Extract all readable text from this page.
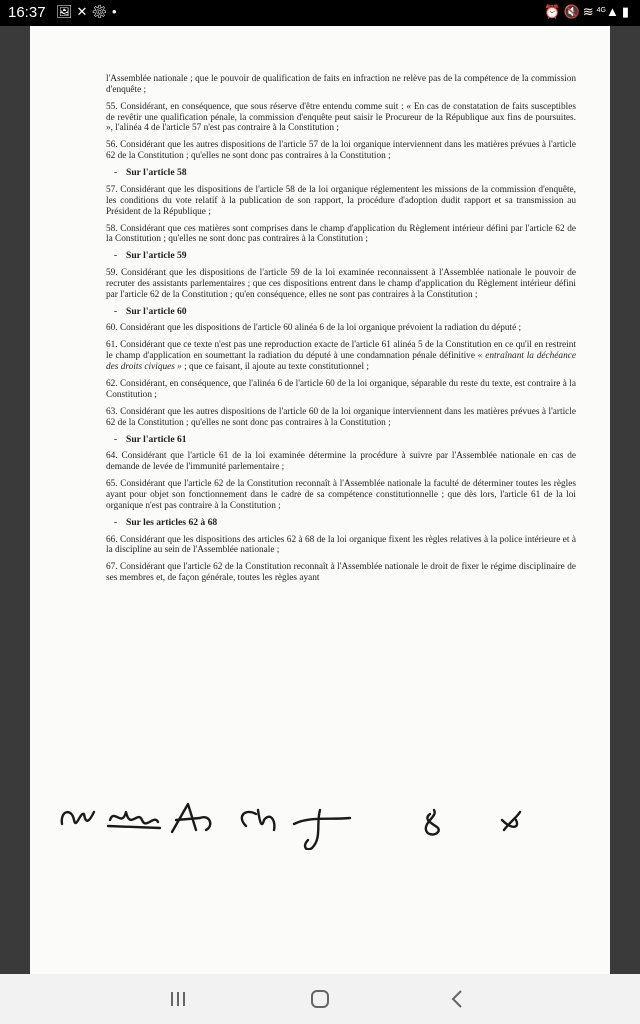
16:37 🖼✕⚙•	⏰🔇≋$^{4G}$▲▮

l'Assemblée nationale ; que le pouvoir de qualification de faits en infraction ne relève pas de la compétence de la commission d'enquête ;

55. Considérant, en conséquence, que sous réserve d'être entendu comme suit : « En cas de constatation de faits susceptibles de revêtir une qualification pénale, la commission d'enquête peut saisir le Procureur de la République aux fins de poursuites. », l'alinéa 4 de l'article 57 n'est pas contraire à la Constitution ;

56. Considérant que les autres dispositions de l'article 57 de la loi organique interviennent dans les matières prévues à l'article 62 de la Constitution ; qu'elles ne sont donc pas contraires à la Constitution ;

- Sur l'article 58

57. Considérant que les dispositions de l'article 58 de la loi organique réglementent les missions de la commission d'enquête, les conditions du vote relatif à la publication de son rapport, la procédure d'adoption dudit rapport et sa transmission au Président de la République ;

58. Considérant que ces matières sont comprises dans le champ d'application du Règlement intérieur défini par l'article 62 de la Constitution ; qu'elles ne sont donc pas contraires à la Constitution ;

- Sur l'article 59

59. Considérant que les dispositions de l'article 59 de la loi examinée reconnaissent à l'Assemblée nationale le pouvoir de recruter des assistants parlementaires ; que ces dispositions entrent dans le champ d'application du Règlement intérieur défini par l'article 62 de la Constitution ; qu'en conséquence, elles ne sont pas contraires à la Constitution ;

- Sur l'article 60

60. Considérant que les dispositions de l'article 60 alinéa 6 de la loi organique prévoient la radiation du député ;

61. Considérant que ce texte n'est pas une reproduction exacte de l'article 61 alinéa 5 de la Constitution en ce qu'il en restreint le champ d'application en soumettant la radiation du député à une condamnation pénale définitive « entraînant la déchéance des droits civiques » ; que ce faisant, il ajoute au texte constitutionnel ;

62. Considérant, en conséquence, que l'alinéa 6 de l'article 60 de la loi organique, séparable du reste du texte, est contraire à la Constitution ;

63. Considérant que les autres dispositions de l'article 60 de la loi organique interviennent dans les matières prévues à l'article 62 de la Constitution ; qu'elles ne sont donc pas contraires à la Constitution ;

- Sur l'article 61

64. Considérant que l'article 61 de la loi examinée détermine la procédure à suivre par l'Assemblée nationale en cas de demande de levée de l'immunité parlementaire ;

65. Considérant que l'article 62 de la Constitution reconnaît à l'Assemblée nationale la faculté de déterminer toutes les règles ayant pour objet son fonctionnement dans le cadre de sa compétence constitutionnelle ; que dès lors, l'article 61 de la loi organique n'est pas contraire à la Constitution ;

- Sur les articles 62 à 68

66. Considérant que les dispositions des articles 62 à 68 de la loi organique fixent les règles relatives à la police intérieure et à la discipline au sein de l'Assemblée nationale ;

67. Considérant que l'article 62 de la Constitution reconnaît à l'Assemblée nationale le droit de fixer le régime disciplinaire de ses membres et, de façon générale, toutes les règles ayant
